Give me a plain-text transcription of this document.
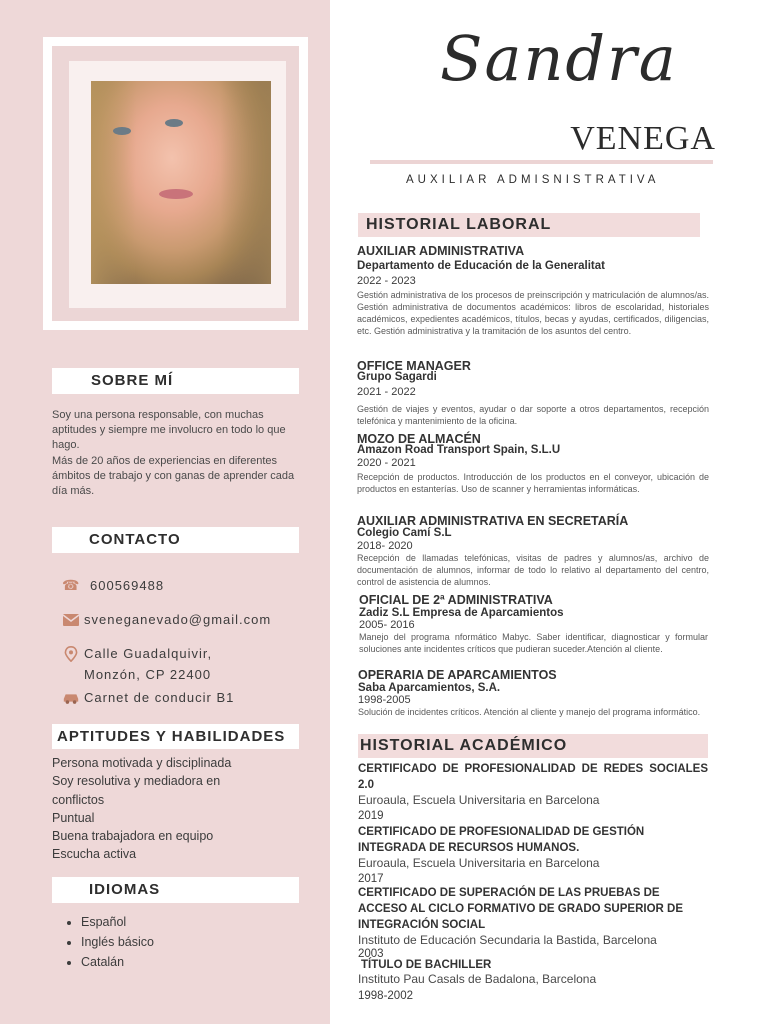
SOBRE MÍ
Soy una persona responsable, con muchas aptitudes y siempre me involucro en todo lo que hago.
Más de 20 años de experiencias en diferentes ámbitos de trabajo y con ganas de aprender cada día más.
CONTACTO
☎ 600569488
sveneganevado@gmail.com
Calle Guadalquivir,
Monzón, CP 22400
Carnet de conducir B1
APTITUDES Y HABILIDADES
Persona motivada y disciplinada
Soy resolutiva y mediadora en
conflictos
Puntual
Buena trabajadora en equipo
Escucha activa
IDIOMAS
• Español
• Inglés básico
• Catalán
Sandra
VENEGA
AUXILIAR ADMISNISTRATIVA
HISTORIAL LABORAL
AUXILIAR ADMINISTRATIVA
Departamento de Educación de la Generalitat
2022 - 2023
Gestión administrativa de los procesos de preinscripción y matriculación de alumnos/as. Gestión administrativa de documentos académicos: libros de escolaridad, historiales académicos, expedientes académicos, títulos, becas y ayudas, certificados, diligencias, etc. Gestión administrativa y la tramitación de los asuntos del centro.
OFFICE MANAGER
Grupo Sagardi
2021 - 2022
Gestión de viajes y eventos, ayudar o dar soporte a otros departamentos, recepción telefónica y mantenimiento de la oficina.
MOZO DE ALMACÉN
Amazon Road Transport Spain, S.L.U
2020 - 2021
Recepción de productos. Introducción de los productos en el conveyor, ubicación de productos en estanterías. Uso de scanner y herramientas informáticas.
AUXILIAR ADMINISTRATIVA EN SECRETARÍA
Colegio Camí S.L
2018- 2020
Recepción de llamadas telefónicas, visitas de padres y alumnos/as, archivo de documentación de alumnos, informar de todo lo relativo al departamento del centro, control de asistencia de alumnos.
OFICIAL DE 2ª ADMINISTRATIVA
Zadiz S.L Empresa de Aparcamientos
2005- 2016
Manejo del programa nformático Mabyc. Saber identificar, diagnosticar y formular soluciones ante incidentes críticos que pudieran suceder.Atención al cliente.
OPERARIA DE APARCAMIENTOS
Saba Aparcamientos, S.A.
1998-2005
Solución de incidentes críticos. Atención al cliente y manejo del programa informático.
HISTORIAL ACADÉMICO
CERTIFICADO DE PROFESIONALIDAD DE REDES SOCIALES 2.0
Euroaula, Escuela Universitaria en Barcelona
2019
CERTIFICADO DE PROFESIONALIDAD DE GESTIÓN INTEGRADA DE RECURSOS HUMANOS.
Euroaula, Escuela Universitaria en Barcelona
2017
CERTIFICADO DE SUPERACIÓN DE LAS PRUEBAS DE ACCESO AL CICLO FORMATIVO DE GRADO SUPERIOR DE INTEGRACIÓN SOCIAL
Instituto de Educación Secundaria la Bastida, Barcelona
2003
TÍTULO DE BACHILLER
Instituto Pau Casals de Badalona, Barcelona
1998-2002
